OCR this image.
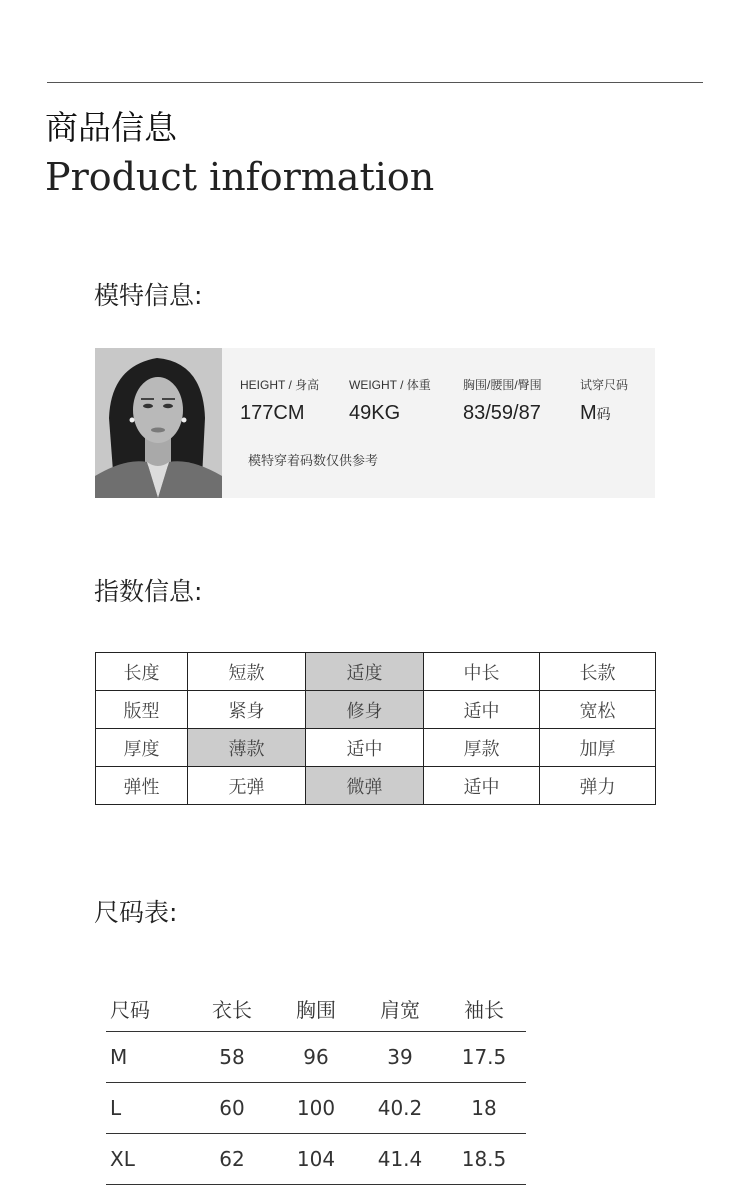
商品信息
Product information
模特信息:
HEIGHT / 身高
177CM
WEIGHT / 体重
49KG
胸围/腰围/臀围
83/59/87
试穿尺码
M码
模特穿着码数仅供参考
指数信息:
长度	短款	适度	中长	长款
版型	紧身	修身	适中	宽松
厚度	薄款	适中	厚款	加厚
弹性	无弹	微弹	适中	弹力
尺码表:
尺码	衣长	胸围	肩宽	袖长
M	58	96	39	17.5
L	60	100	40.2	18
XL	62	104	41.4	18.5
